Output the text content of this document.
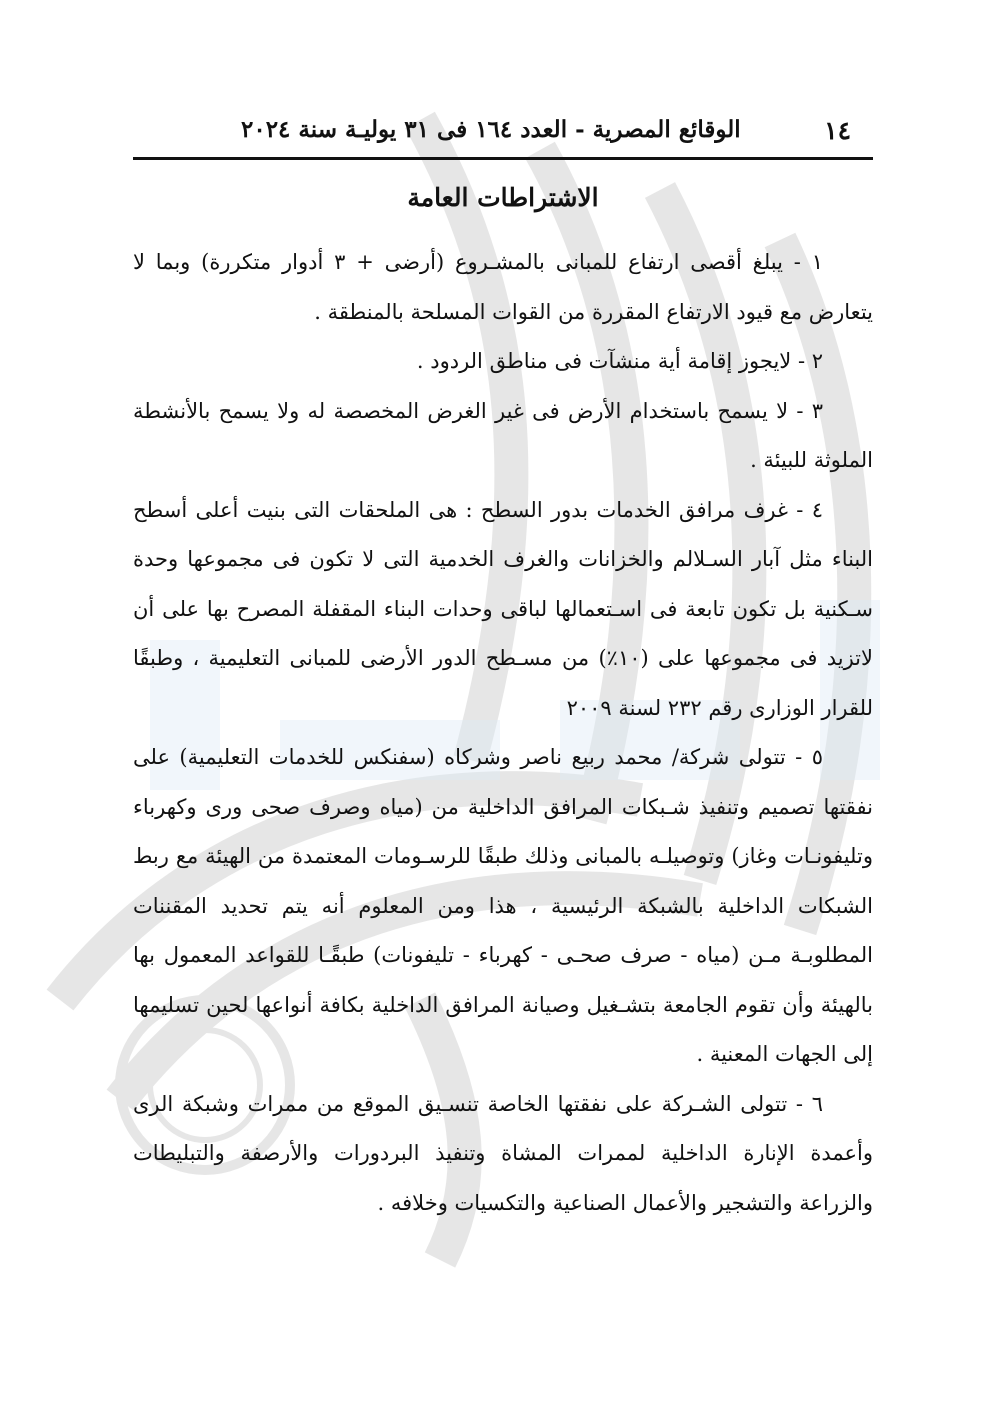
١٤
الوقائع المصرية - العدد ١٦٤ فى ٣١ يوليـة سنة ٢٠٢٤
الاشتراطات العامة

١ - يبلغ أقصى ارتفاع للمبانى بالمشـروع (أرضى + ٣ أدوار متكررة) وبما لا يتعارض مع قيود الارتفاع المقررة من القوات المسلحة بالمنطقة .

٢ - لايجوز إقامة أية منشآت فى مناطق الردود .

٣ - لا يسمح باستخدام الأرض فى غير الغرض المخصصة له ولا يسمح بالأنشطة الملوثة للبيئة .

٤ - غرف مرافق الخدمات بدور السطح : هى الملحقات التى بنيت أعلى أسطح البناء مثل آبار السـلالم والخزانات والغرف الخدمية التى لا تكون فى مجموعها وحدة سـكنية بل تكون تابعة فى اسـتعمالها لباقى وحدات البناء المقفلة المصرح بها على أن لاتزيد فى مجموعها على (١٠٪) من مسـطح الدور الأرضى للمبانى التعليمية ، وطبقًا للقرار الوزارى رقم ٢٣٢ لسنة ٢٠٠٩

٥ - تتولى شركة/ محمد ربيع ناصر وشركاه (سفنكس للخدمات التعليمية) على نفقتها تصميم وتنفيذ شـبكات المرافق الداخلية من (مياه وصرف صحى ورى وكهرباء وتليفونـات وغاز) وتوصيلـه بالمبانى وذلك طبقًا للرسـومات المعتمدة من الهيئة مع ربط الشبكات الداخلية بالشبكة الرئيسية ، هذا ومن المعلوم أنه يتم تحديد المقننات المطلوبـة مـن (مياه - صرف صحـى - كهرباء - تليفونات) طبقًـا للقواعد المعمول بها بالهيئة وأن تقوم الجامعة بتشـغيل وصيانة المرافق الداخلية بكافة أنواعها لحين تسليمها إلى الجهات المعنية .

٦ - تتولى الشـركة على نفقتها الخاصة تنسـيق الموقع من ممرات وشبكة الرى وأعمدة الإنارة الداخلية لممرات المشاة وتنفيذ البردورات والأرصفة والتبليطات والزراعة والتشجير والأعمال الصناعية والتكسيات وخلافه .
